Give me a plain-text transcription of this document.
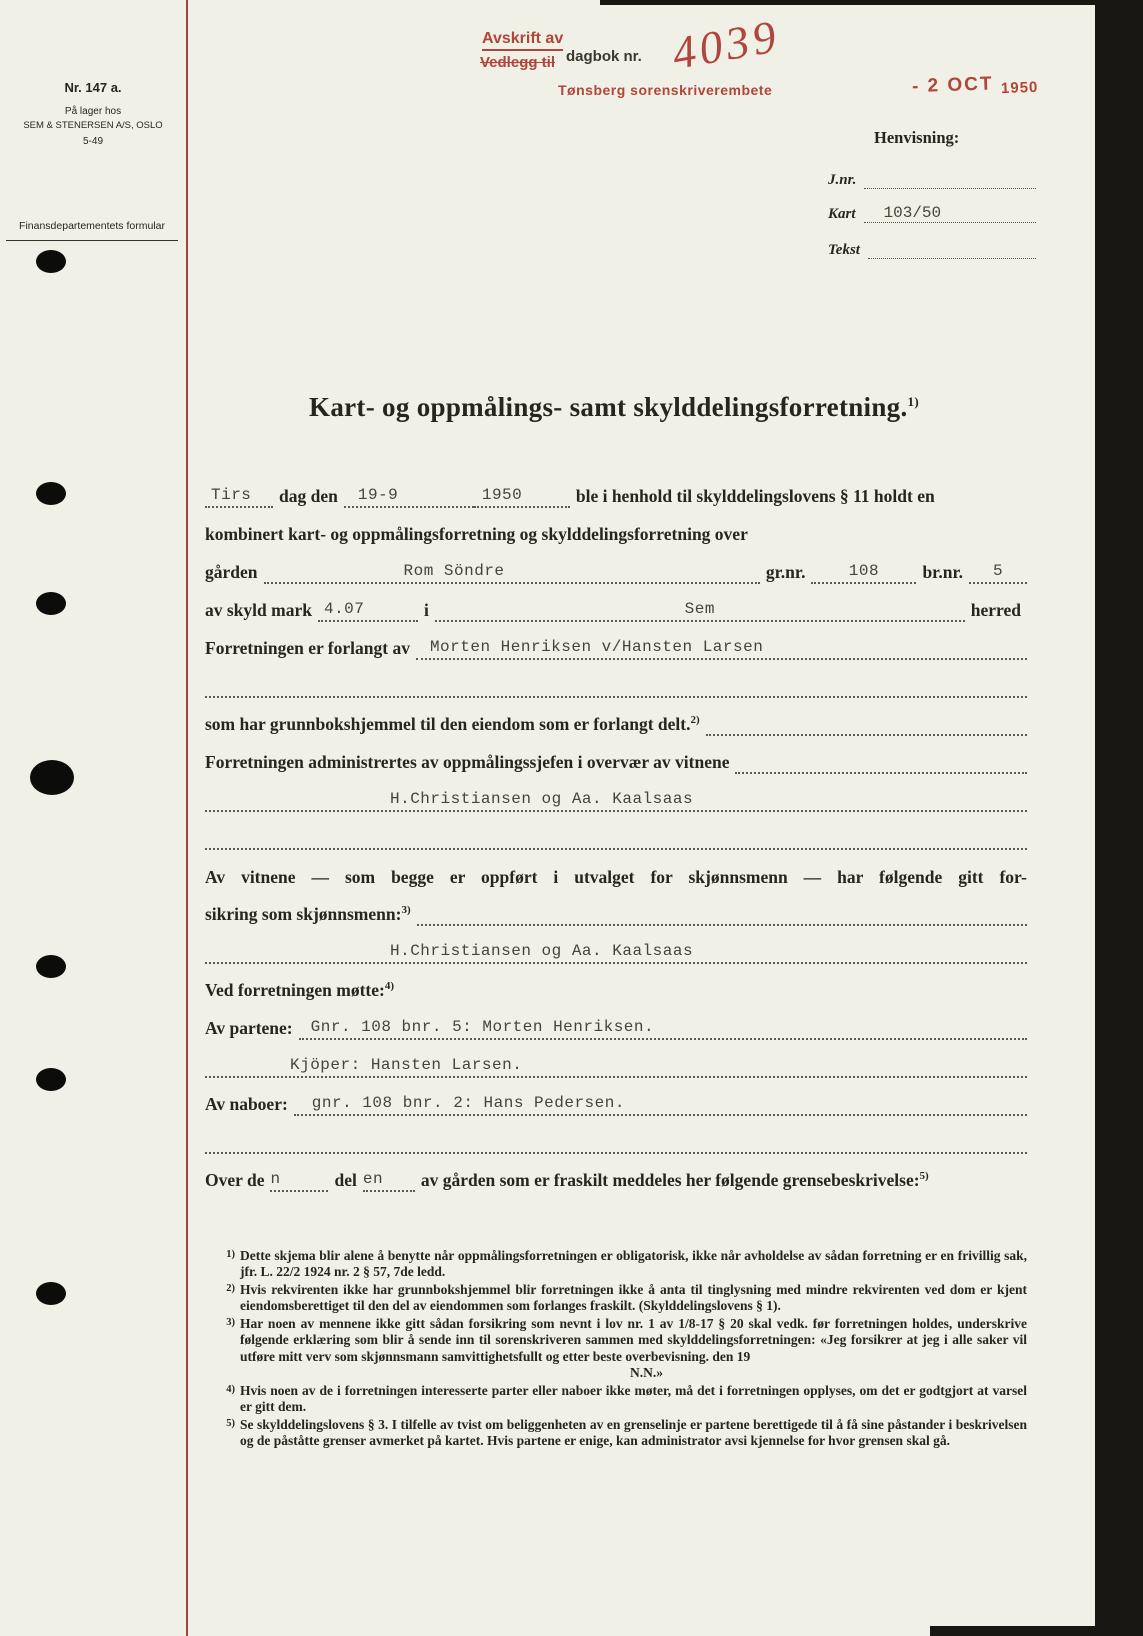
Nr. 147 a.
På lager hos
SEM & STENERSEN A/S, OSLO
5-49
Finansdepartementets formular
Avskrift av
Vedlegg til dagbok nr. 4039
Tønsberg sorenskriverembete	- 2 OCT $_{1950}$
Henvisning:
J.nr.
Kart	103/50
Tekst
Kart- og oppmålings- samt skylddelingsforretning.$^{1)}$
Tirs	dag den	19-9	1950	ble i henhold til skylddelingslovens § 11 holdt en
kombinert kart- og oppmålingsforretning og skylddelingsforretning over
gården	Rom Söndre	gr.nr.	108	br.nr.	5
av skyld mark 4.07	i	Sem	herred
Forretningen er forlangt av	Morten Henriksen v/Hansten Larsen
som har grunnbokshjemmel til den eiendom som er forlangt delt.$^{2)}$
Forretningen administrertes av oppmålingssjefen i overvær av vitnene
H.Christiansen og Aa. Kaalsaas
Av vitnene — som begge er oppført i utvalget for skjønnsmenn — har følgende gitt for-
sikring som skjønnsmenn:$^{3)}$
H.Christiansen og Aa. Kaalsaas
Ved forretningen møtte:$^{4)}$
Av partene:	Gnr. 108 bnr. 5: Morten Henriksen.
Kjöper: Hansten Larsen.
Av naboer:	gnr. 108 bnr. 2: Hans Pedersen.
Over de n	del en	av gården som er fraskilt meddeles her følgende grensebeskrivelse:$^{5)}$
1) Dette skjema blir alene å benytte når oppmålingsforretningen er obligatorisk, ikke når avholdelse av sådan forretning er en frivillig sak, jfr. L. 22/2 1924 nr. 2 § 57, 7de ledd.
2) Hvis rekvirenten ikke har grunnbokshjemmel blir forretningen ikke å anta til tinglysning med mindre rekvirenten ved dom er kjent eiendomsberettiget til den del av eiendommen som forlanges fraskilt. (Skylddelingslovens § 1).
3) Har noen av mennene ikke gitt sådan forsikring som nevnt i lov nr. 1 av 1/8-17 § 20 skal vedk. før forretningen holdes, underskrive følgende erklæring som blir å sende inn til sorenskriveren sammen med skylddelingsforretningen: «Jeg forsikrer at jeg i alle saker vil utføre mitt verv som skjønnsmann samvittighetsfullt og etter beste overbevisning. den 19
N.N.»
4) Hvis noen av de i forretningen interesserte parter eller naboer ikke møter, må det i forretningen opplyses, om det er godtgjort at varsel er gitt dem.
5) Se skylddelingslovens § 3. I tilfelle av tvist om beliggenheten av en grenselinje er partene berettigede til å få sine påstander i beskrivelsen og de påståtte grenser avmerket på kartet. Hvis partene er enige, kan administrator avsi kjennelse for hvor grensen skal gå.
